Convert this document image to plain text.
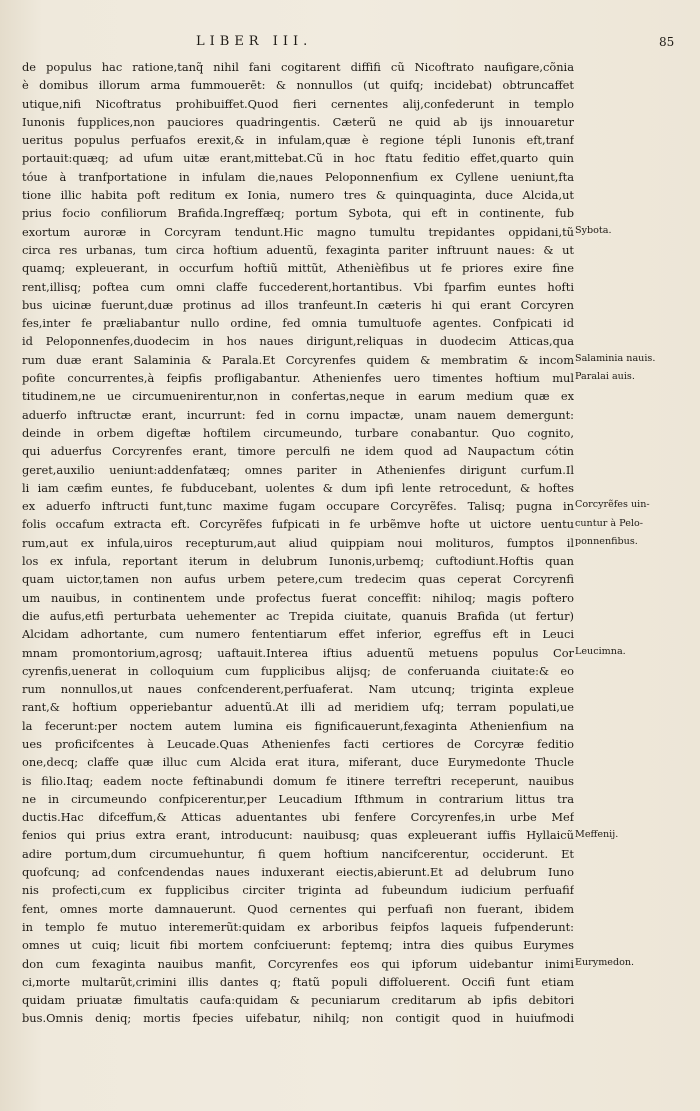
LIBER III.	85
de populus hac ratione,tanq̃ nihil fani cogitarent diffifi cũ Nicoftrato naufigare,cõnia
è domibus illorum arma fummouerēt: & nonnullos (ut quifq; incidebat) obtruncaffet
utique,nifi Nicoftratus prohibuiffet.Quod fieri cernentes alij,confederunt in templo
Iunonis fupplices,non pauciores quadringentis. Cæterũ ne quid ab ijs innouaretur
ueritus populus perfuafos erexit,& in infulam,quæ è regione tépli Iunonis eft,tranf
portauit:quæq; ad ufum uitæ erant,mittebat.Cũ in hoc ftatu feditio effet,quarto quin
tóue à tranfportatione in infulam die,naues Peloponnenfium ex Cyllene ueniunt,fta
tione illic habita poft reditum ex Ionia, numero tres & quinquaginta, duce Alcida,ut
prius focio confiliorum Brafida.Ingreffæq; portum Sybota, qui eft in continente, fub
exortum auroræ in Corcyram tendunt.Hic magno tumultu trepidantes oppidani,tũ
circa res urbanas, tum circa hoftium aduentũ, fexaginta pariter inftruunt naues: & ut
quamq; expleuerant, in occurfum hoftiũ mittũt, Athenièfibus ut fe priores exire fine
rent,illisq; poftea cum omni claffe fuccederent,hortantibus. Vbi fparfim euntes hofti
bus uicinæ fuerunt,duæ protinus ad illos tranfeunt.In cæteris hi qui erant Corcyren
fes,inter fe præliabantur nullo ordine, fed omnia tumultuofe agentes. Confpicati id
id Peloponnenfes,duodecim in hos naues dirigunt,reliquas in duodecim Atticas,qua
rum duæ erant Salaminia & Parala.Et Corcyrenfes quidem & membratim & incom
pofite concurrentes,à feipfis profligabantur. Athenienfes uero timentes hoftium mul
titudinem,ne ue circumuenirentur,non in confertas,neque in earum medium quæ ex
aduerfo inftructæ erant, incurrunt: fed in cornu impactæ, unam nauem demergunt:
deinde in orbem digeftæ hoftilem circumeundo, turbare conabantur. Quo cognito,
qui aduerfus Corcyrenfes erant, timore perculfi ne idem quod ad Naupactum cótin
geret,auxilio ueniunt:addenfatæq; omnes pariter in Athenienfes dirigunt curfum.Il
li iam cæfim euntes, fe fubducebant, uolentes & dum ipfi lente retrocedunt, & hoftes
ex aduerfo inftructi funt,tunc maxime fugam occupare Corcyrẽfes. Talisq; pugna in
folis occafum extracta eft. Corcyrẽfes fufpicati in fe urbẽmve hofte ut uictore uentu
rum,aut ex infula,uiros recepturum,aut aliud quippiam noui molituros, fumptos il
los ex infula, reportant iterum in delubrum Iunonis,urbemq; cuftodiunt.Hoftis quan
quam uictor,tamen non aufus urbem petere,cum tredecim quas ceperat Corcyrenfi
um nauibus, in continentem unde profectus fuerat conceffit: nihiloq; magis poftero
die aufus,etfi perturbata uehementer ac Trepida ciuitate, quanuis Brafida (ut fertur)
Alcidam adhortante, cum numero fententiarum effet inferior, egreffus eft in Leuci
mnam promontorium,agrosq; uaftauit.Interea iftius aduentũ metuens populus Cor
cyrenfis,uenerat in colloquium cum fupplicibus alijsq; de conferuanda ciuitate:& eo
rum nonnullos,ut naues confcenderent,perfuaferat. Nam utcunq; triginta expleue
rant,& hoftium opperiebantur aduentũ.At illi ad meridiem ufq; terram populati,ue
la fecerunt:per noctem autem lumina eis fignificauerunt,fexaginta Athenienfium na
ues proficifcentes à Leucade.Quas Athenienfes facti certiores de Corcyræ feditio
one,decq; claffe quæ illuc cum Alcida erat itura, miferant, duce Eurymedonte Thucle
is filio.Itaq; eadem nocte feftinabundi domum fe itinere terreftri receperunt, nauibus
ne in circumeundo confpicerentur,per Leucadium Ifthmum in contrarium littus tra
ductis.Hac difceffum,& Atticas aduentantes ubi fenfere Corcyrenfes,in urbe Mef
fenios qui prius extra erant, introducunt: nauibusq; quas expleuerant iuffis Hyllaicũ
adire portum,dum circumuehuntur, fi quem hoftium nancifcerentur, occiderunt. Et
quofcunq; ad confcendendas naues induxerant eiectis,abierunt.Et ad delubrum Iuno
nis profecti,cum ex fupplicibus circiter triginta ad fubeundum iudicium perfuafif
fent, omnes morte damnauerunt. Quod cernentes qui perfuafi non fuerant, ibidem
in templo fe mutuo interemerũt:quidam ex arboribus feipfos laqueis fufpenderunt:
omnes ut cuiq; licuit fibi mortem confciuerunt: feptemq; intra dies quibus Eurymes
don cum fexaginta nauibus manfit, Corcyrenfes eos qui ipforum uidebantur inimi
ci,morte multarũt,crimini illis dantes q; ftatũ populi diffoluerent. Occifi funt etiam
quidam priuatæ fimultatis caufa:quidam & pecuniarum creditarum ab ipfis debitori
bus.Omnis deniq; mortis fpecies uifebatur, nihilq; non contigit quod in huiufmodi
Sybota.
Salaminia nauis.
Paralai auis.
Corcyrẽfes uin-
cuntur à Pelo-
ponnenfibus.
Leucimna.
Meffenij.
Eurymedon.
